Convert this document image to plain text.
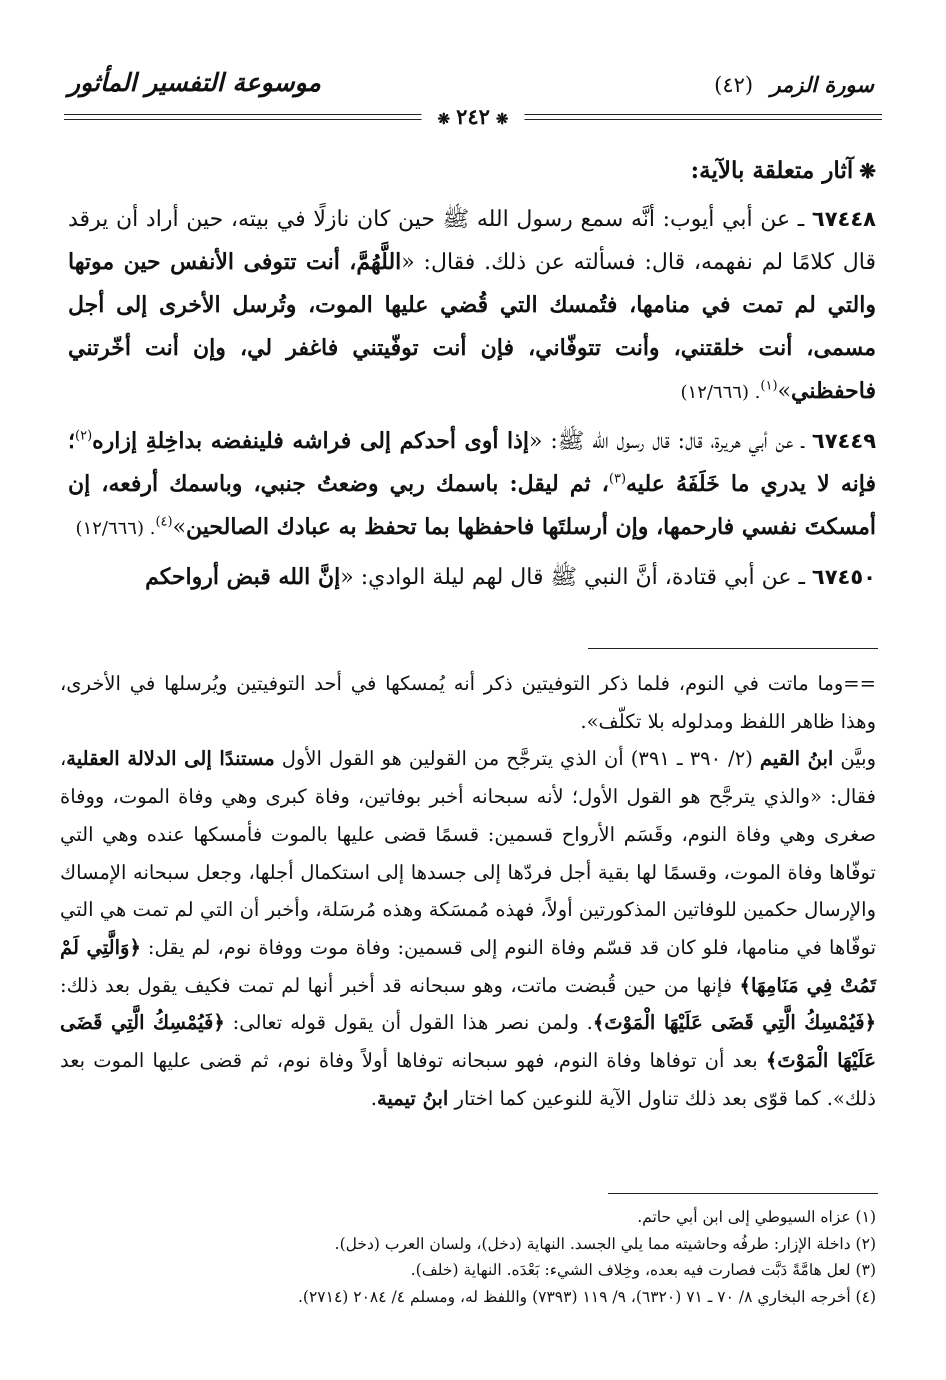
سورة الزمر (٤٢)
موسوعة التفسير المأثور
❋٢٤٢❋
❋آثار متعلقة بالآية:

٦٧٤٤٨ ـ عن أبي أيوب: أنَّه سمع رسول الله ﷺ حين كان نازلًا في بيته، حين أراد أن يرقد قال كلامًا لم نفهمه، قال: فسألته عن ذلك. فقال: «اللَّهُمَّ، أنت تتوفى الأنفس حين موتها والتي لم تمت في منامها، فتُمسك التي قُضي عليها الموت، وتُرسل الأخرى إلى أجل مسمى، أنت خلقتني، وأنت تتوفّاني، فإن أنت توفّيتني فاغفر لي، وإن أنت أخّرتني فاحفظني»$^{(١)}$. (١٢/٦٦٦)

٦٧٤٤٩ ـ عن أبي هريرة، قال: قال رسول الله ﷺ: «إذا أوى أحدكم إلى فراشه فلينفضه بداخِلةِ إزاره$^{(٢)}$؛ فإنه لا يدري ما خَلَفَهُ عليه$^{(٣)}$، ثم ليقل: باسمك ربي وضعتُ جنبي، وباسمك أرفعه، إن أمسكتَ نفسي فارحمها، وإن أرسلتَها فاحفظها بما تحفظ به عبادك الصالحين»$^{(٤)}$. (١٢/٦٦٦)

٦٧٤٥٠ ـ عن أبي قتادة، أنَّ النبي ﷺ قال لهم ليلة الوادي: «إنَّ الله قبض أرواحكم

==وما ماتت في النوم، فلما ذكر التوفيتين ذكر أنه يُمسكها في أحد التوفيتين ويُرسلها في الأخرى، وهذا ظاهر اللفظ ومدلوله بلا تكلّف».

وبيَّن ابنُ القيم (٢/ ٣٩٠ ـ ٣٩١) أن الذي يترجَّح من القولين هو القول الأول مستندًا إلى الدلالة العقلية، فقال: «والذي يترجَّح هو القول الأول؛ لأنه سبحانه أخبر بوفاتين، وفاة كبرى وهي وفاة الموت، ووفاة صغرى وهي وفاة النوم، وقَسَم الأرواح قسمين: قسمًا قضى عليها بالموت فأمسكها عنده وهي التي توفّاها وفاة الموت، وقسمًا لها بقية أجل فردّها إلى جسدها إلى استكمال أجلها، وجعل سبحانه الإمساك والإرسال حكمين للوفاتين المذكورتين أولاً، فهذه مُمسَكة وهذه مُرسَلة، وأخبر أن التي لم تمت هي التي توفّاها في منامها، فلو كان قد قسّم وفاة النوم إلى قسمين: وفاة موت ووفاة نوم، لم يقل: ﴿وَالَّتِي لَمْ تَمُتْ فِي مَنَامِهَا﴾ فإنها من حين قُبضت ماتت، وهو سبحانه قد أخبر أنها لم تمت فكيف يقول بعد ذلك: ﴿فَيُمْسِكُ الَّتِي قَضَى عَلَيْهَا الْمَوْتَ﴾. ولمن نصر هذا القول أن يقول قوله تعالى: ﴿فَيُمْسِكُ الَّتِي قَضَى عَلَيْهَا الْمَوْتَ﴾ بعد أن توفاها وفاة النوم، فهو سبحانه توفاها أولاً وفاة نوم، ثم قضى عليها الموت بعد ذلك». كما قوّى بعد ذلك تناول الآية للنوعين كما اختار ابنُ تيمية.

(١) عزاه السيوطي إلى ابن أبي حاتم.
(٢) داخلة الإزار: طرفُه وحاشيته مما يلي الجسد. النهاية (دخل)، ولسان العرب (دخل).
(٣) لعل هامَّةً دَبَّت فصارت فيه بعده، وخِلاف الشيء: بَعْدَه. النهاية (خلف).
(٤) أخرجه البخاري ٨/ ٧٠ ـ ٧١ (٦٣٢٠)، ٩/ ١١٩ (٧٣٩٣) واللفظ له، ومسلم ٤/ ٢٠٨٤ (٢٧١٤).
